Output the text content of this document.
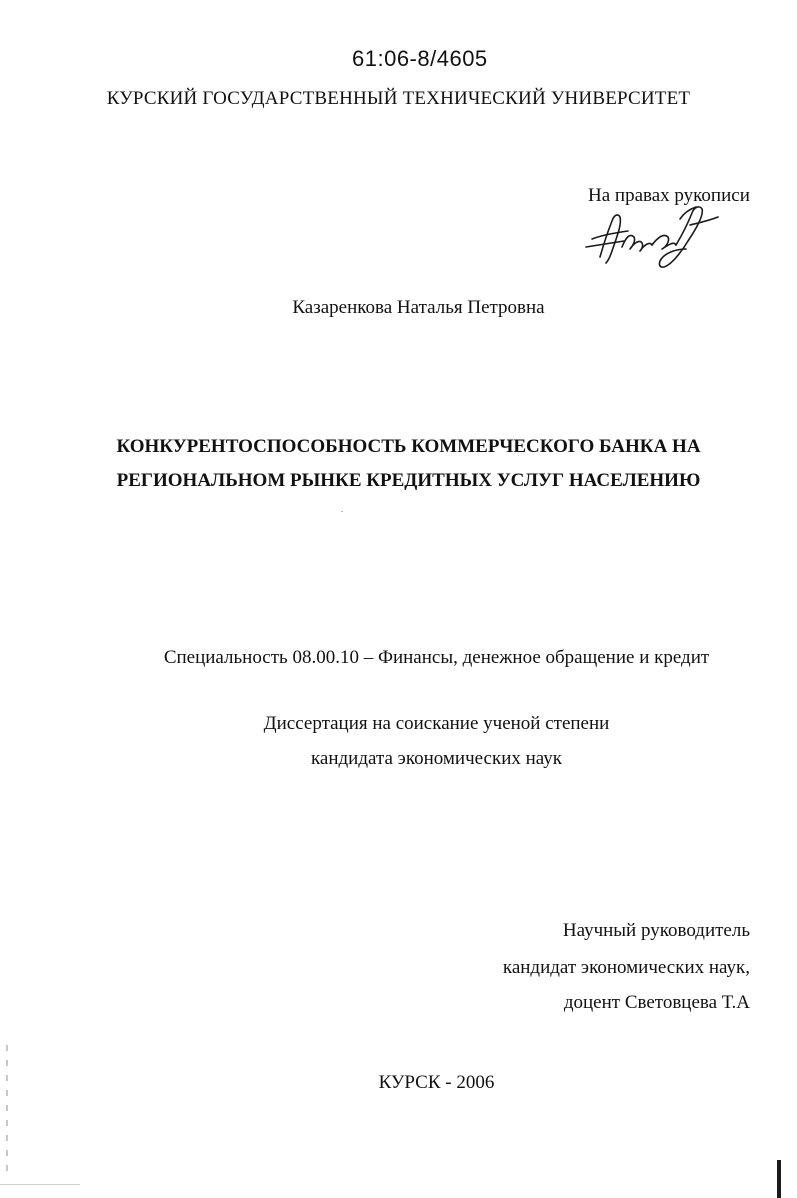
61:06-8/4605
КУРСКИЙ ГОСУДАРСТВЕННЫЙ ТЕХНИЧЕСКИЙ УНИВЕРСИТЕТ
На правах рукописи
Казаренкова Наталья Петровна
КОНКУРЕНТОСПОСОБНОСТЬ КОММЕРЧЕСКОГО БАНКА НА
РЕГИОНАЛЬНОМ РЫНКЕ КРЕДИТНЫХ УСЛУГ НАСЕЛЕНИЮ
Специальность 08.00.10 – Финансы, денежное обращение и кредит
Диссертация на соискание ученой степени
кандидата экономических наук
Научный руководитель
кандидат экономических наук,
доцент Световцева Т.А
КУРСК - 2006
